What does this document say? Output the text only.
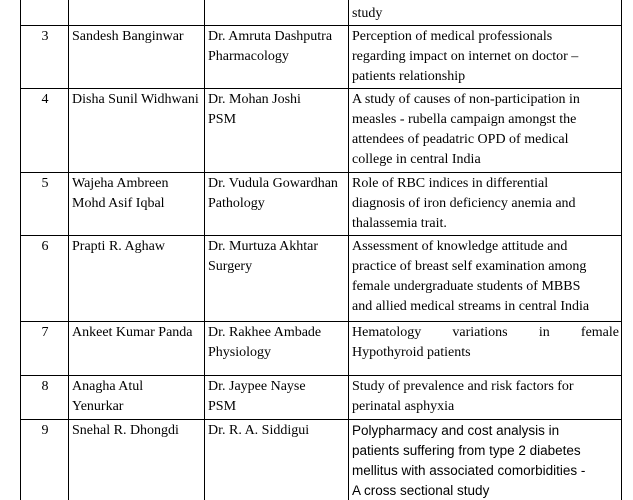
			study

3	Sandesh Banginwar	Dr. Amruta Dashputra
Pharmacology	Perception of medical professionals
regarding impact on internet on doctor –
patients relationship

4	Disha Sunil Widhwani	Dr. Mohan Joshi
PSM	A study of causes of non-participation in
measles - rubella campaign amongst the
attendees of peadatric OPD of medical
college in central India

5	Wajeha Ambreen
Mohd Asif Iqbal	Dr. Vudula Gowardhan
Pathology	Role of RBC indices in differential
diagnosis of iron deficiency anemia and
thalassemia trait.

6	Prapti R. Aghaw	Dr. Murtuza Akhtar
Surgery	Assessment of knowledge attitude and
practice of breast self examination among
female undergraduate students of MBBS
and allied medical streams in central India

7	Ankeet Kumar Panda	Dr. Rakhee Ambade
Physiology	Hematology variations in female
Hypothyroid patients

8	Anagha Atul
Yenurkar	Dr. Jaypee Nayse
PSM	Study of prevalence and risk factors for
perinatal asphyxia

9	Snehal R. Dhongdi	Dr. R. A. Siddigui	Polypharmacy and cost analysis in
patients suffering from type 2 diabetes
mellitus with associated comorbidities -
A cross sectional study
